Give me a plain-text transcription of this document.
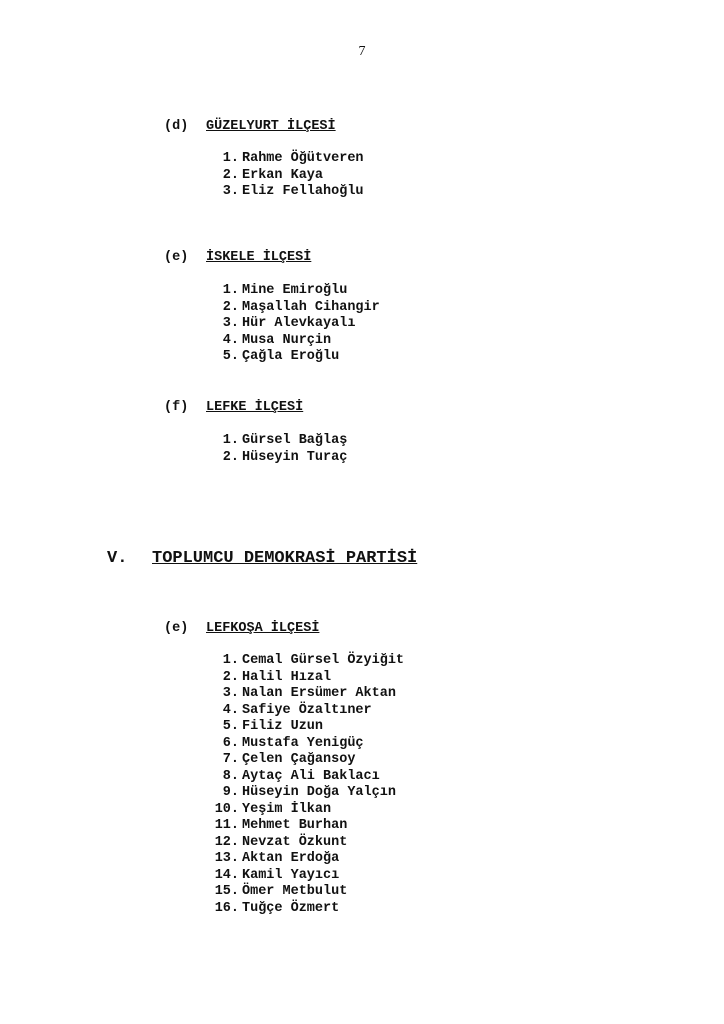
7
(d) GÜZELYURT İLÇESİ
1. Rahme Öğütveren
2. Erkan Kaya
3. Eliz Fellahoğlu
(e) İSKELE İLÇESİ
1. Mine Emiroğlu
2. Maşallah Cihangir
3. Hür Alevkayalı
4. Musa Nurçin
5. Çağla Eroğlu
(f) LEFKE İLÇESİ
1. Gürsel Bağlaş
2. Hüseyin Turaç
V. TOPLUMCU DEMOKRASİ PARTİSİ
(e) LEFKOŞA İLÇESİ
1. Cemal Gürsel Özyiğit
2. Halil Hızal
3. Nalan Ersümer Aktan
4. Safiye Özaltıner
5. Filiz Uzun
6. Mustafa Yenigüç
7. Çelen Çağansoy
8. Aytaç Ali Baklacı
9. Hüseyin Doğa Yalçın
10. Yeşim İlkan
11. Mehmet Burhan
12. Nevzat Özkunt
13. Aktan Erdoğa
14. Kamil Yayıcı
15. Ömer Metbulut
16. Tuğçe Özmert
